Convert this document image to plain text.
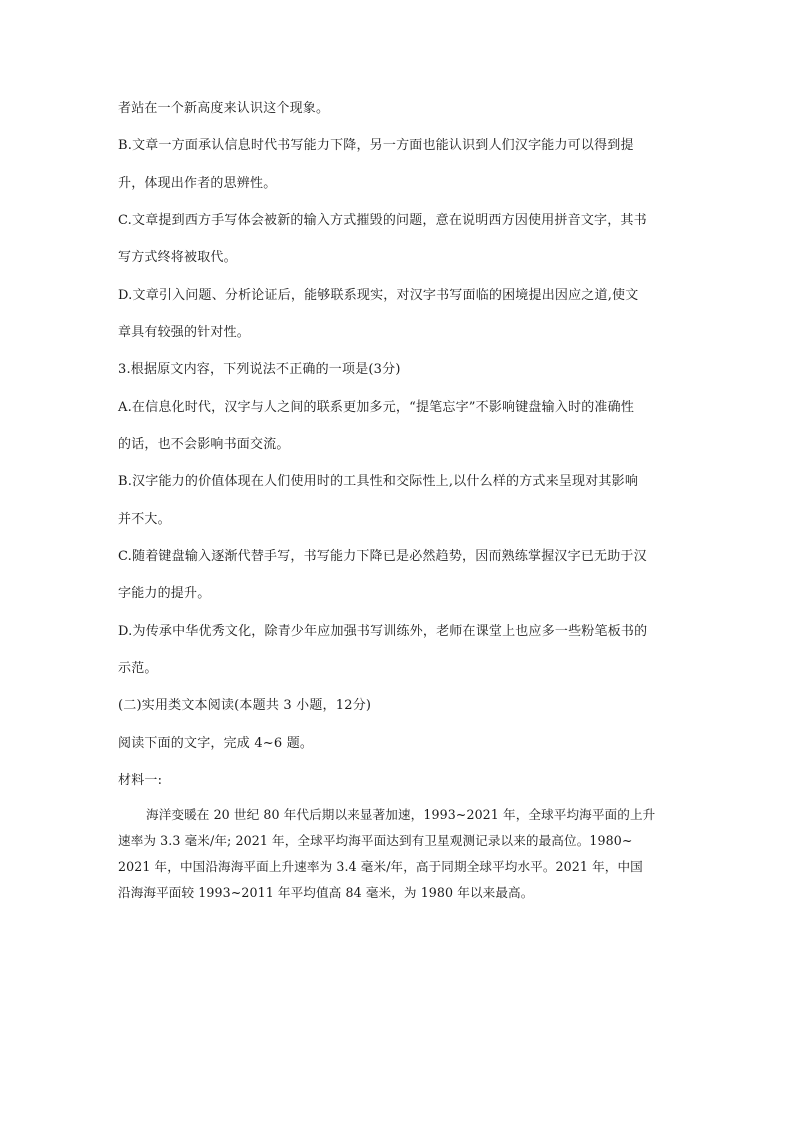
者站在一个新高度来认识这个现象。
B.文章一方面承认信息时代书写能力下降，另一方面也能认识到人们汉字能力可以得到提
升，体现出作者的思辨性。
C.文章提到西方手写体会被新的输入方式摧毁的问题，意在说明西方因使用拼音文字，其书
写方式终将被取代。
D.文章引入问题、分析论证后，能够联系现实，对汉字书写面临的困境提出因应之道,使文
章具有较强的针对性。
3.根据原文内容，下列说法不正确的一项是(3分)
A.在信息化时代，汉字与人之间的联系更加多元，“提笔忘字”不影响键盘输入时的准确性
的话，也不会影响书面交流。
B.汉字能力的价值体现在人们使用时的工具性和交际性上,以什么样的方式来呈现对其影响
并不大。
C.随着键盘输入逐渐代替手写，书写能力下降已是必然趋势，因而熟练掌握汉字已无助于汉
字能力的提升。
D.为传承中华优秀文化，除青少年应加强书写训练外，老师在课堂上也应多一些粉笔板书的
示范。
(二)实用类文本阅读(本题共 3 小题，12分)
阅读下面的文字，完成 4~6 题。
材料一:
海洋变暖在 20 世纪 80 年代后期以来显著加速，1993~2021 年，全球平均海平面的上升
速率为 3.3 毫米/年; 2021 年，全球平均海平面达到有卫星观测记录以来的最高位。1980~
2021 年，中国沿海海平面上升速率为 3.4 毫米/年，高于同期全球平均水平。2021 年，中国
沿海海平面较 1993~2011 年平均值高 84 毫米，为 1980 年以来最高。
